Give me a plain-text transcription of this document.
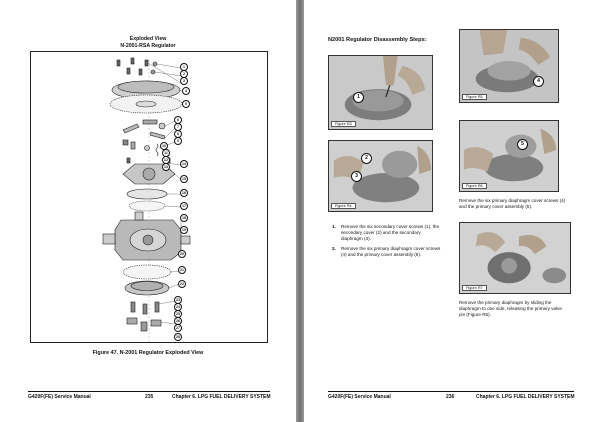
Exploded View
N-2001-RSA Regulator
1
2
3
4
5
6
7
8
9
10
11
12
13
14
15
16
17
18
19
20
21
22
23
24
25
26
27
28
Figure 47. N-2001 Regulator Exploded View
G420F(FE) Service Manual	235	Chapter 6. LPG FUEL DELIVERY SYSTEM
N2001 Regulator Disassembly Steps:
1
Figure R3
2
3
Figure R4
1.	Remove the six secondary cover screws (1), the secondary cover (2) and the secondary diaphragm (3).
2.	Remove the six primary diaphragm cover screws (4) and the primary cover assembly (5).
4
Figure R5
5
Figure R6
Remove the six primary diaphragm cover screws (4) and the primary cover assembly (5).
Figure R7
Remove the primary diaphragm by sliding the diaphragm to one side, releasing the primary valve pin (Figure R6).
G420F(FE) Service Manual	236	Chapter 6. LPG FUEL DELIVERY SYSTEM
